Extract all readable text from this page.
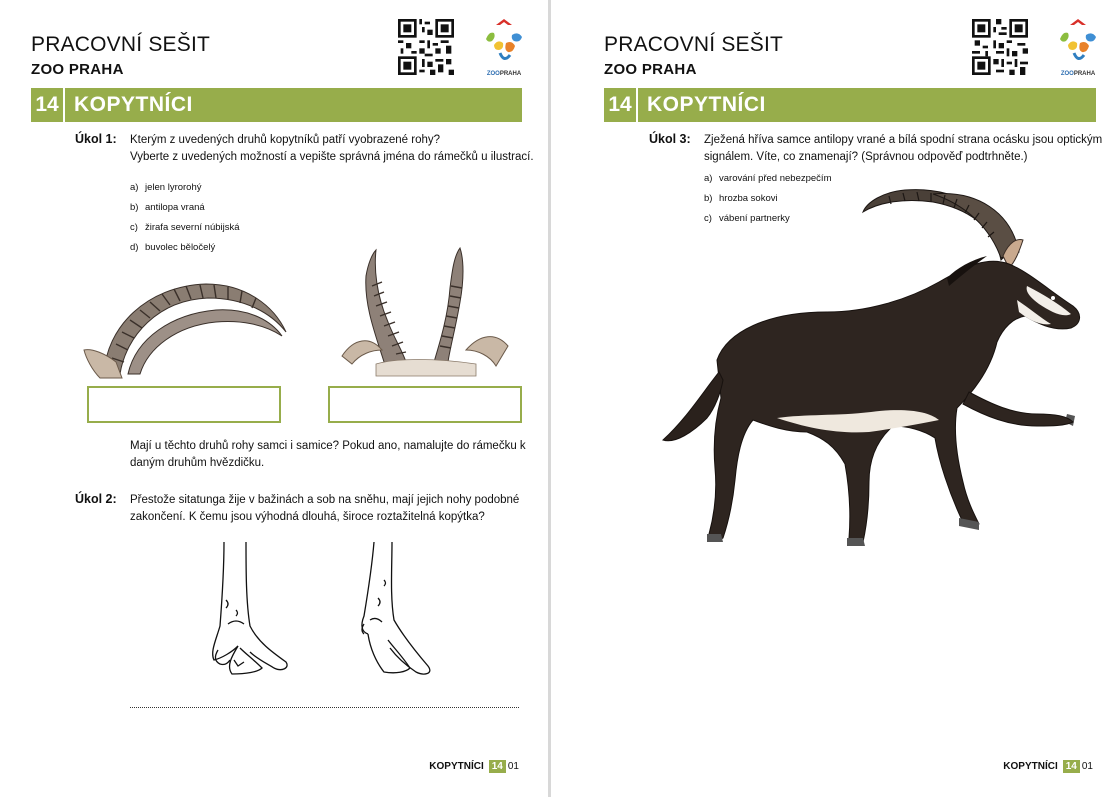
PRACOVNÍ SEŠIT
ZOO PRAHA	ZOOPRAHA
14 KOPYTNÍCI
Úkol 1: Kterým z uvedených druhů kopytníků patří vyobrazené rohy?
Vyberte z uvedených možností a vepište správná jména do rámečků u ilustrací.
a) jelen lyrorohý
b) antilopa vraná
c) žirafa severní núbijská
d) buvolec běločelý
Mají u těchto druhů rohy samci i samice? Pokud ano, namalujte do rámečku k
daným druhům hvězdičku.
Úkol 2: Přestože sitatunga žije v bažinách a sob na sněhu, mají jejich nohy podobné
zakončení. K čemu jsou výhodná dlouhá, široce roztažitelná kopýtka?
KOPYTNÍCI 14 01
PRACOVNÍ SEŠIT
ZOO PRAHA	ZOOPRAHA
14 KOPYTNÍCI
Úkol 3: Zježená hříva samce antilopy vrané a bílá spodní strana ocásku jsou optickým
signálem. Víte, co znamenají? (Správnou odpověď podtrhněte.)
a) varování před nebezpečím
b) hrozba sokovi
c) vábení partnerky
KOPYTNÍCI 14 01
